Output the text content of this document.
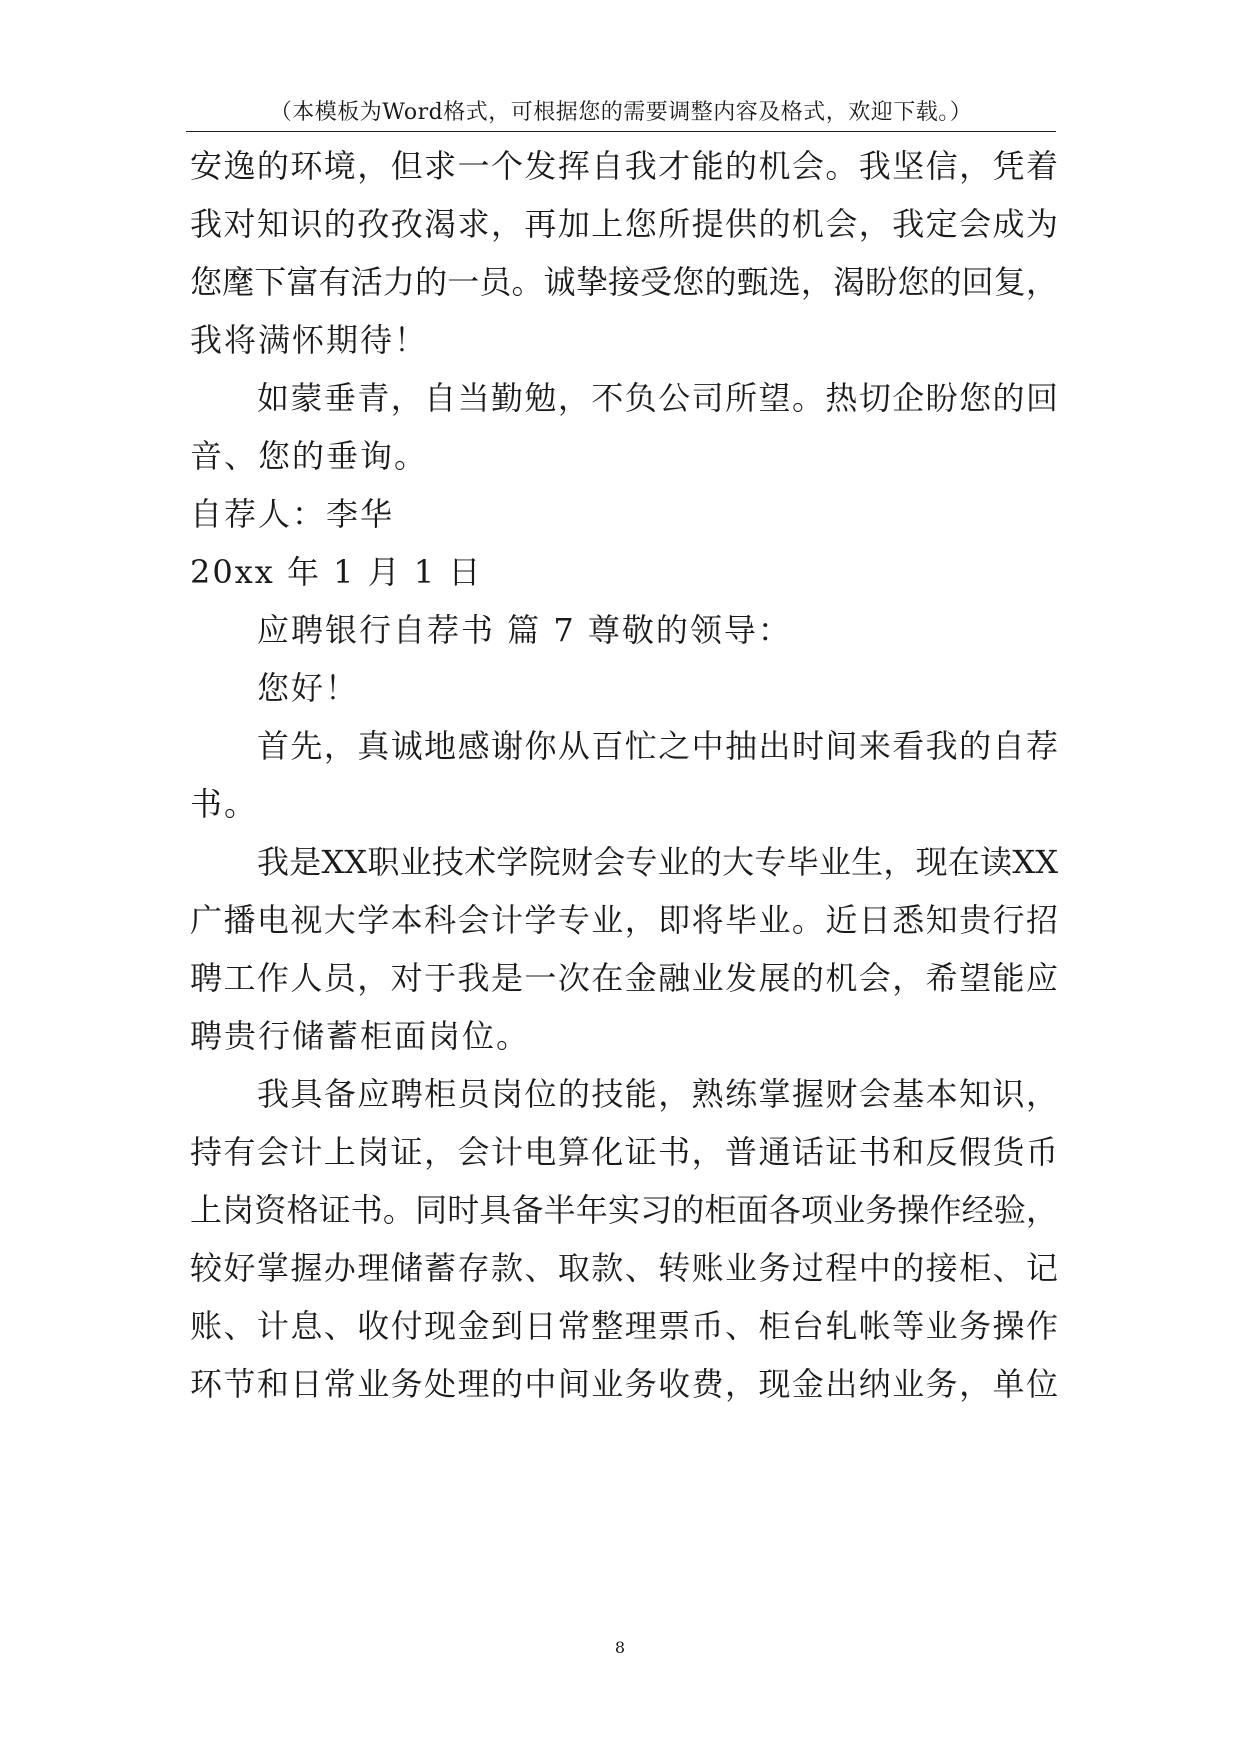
（本模板为Word格式，可根据您的需要调整内容及格式，欢迎下载。）
安逸的环境，但求一个发挥自我才能的机会。我坚信，凭着
我对知识的孜孜渴求，再加上您所提供的机会，我定会成为
您麾下富有活力的一员。诚挚接受您的甄选，渴盼您的回复，
我将满怀期待！
如蒙垂青，自当勤勉，不负公司所望。热切企盼您的回
音、您的垂询。
自荐人：李华
20xx 年 1 月 1 日
应聘银行自荐书 篇 7 尊敬的领导：
您好！
首先，真诚地感谢你从百忙之中抽出时间来看我的自荐
书。
我是XX职业技术学院财会专业的大专毕业生，现在读XX
广播电视大学本科会计学专业，即将毕业。近日悉知贵行招
聘工作人员，对于我是一次在金融业发展的机会，希望能应
聘贵行储蓄柜面岗位。
我具备应聘柜员岗位的技能，熟练掌握财会基本知识，
持有会计上岗证，会计电算化证书，普通话证书和反假货币
上岗资格证书。同时具备半年实习的柜面各项业务操作经验，
较好掌握办理储蓄存款、取款、转账业务过程中的接柜、记
账、计息、收付现金到日常整理票币、柜台轧帐等业务操作
环节和日常业务处理的中间业务收费，现金出纳业务，单位
8
